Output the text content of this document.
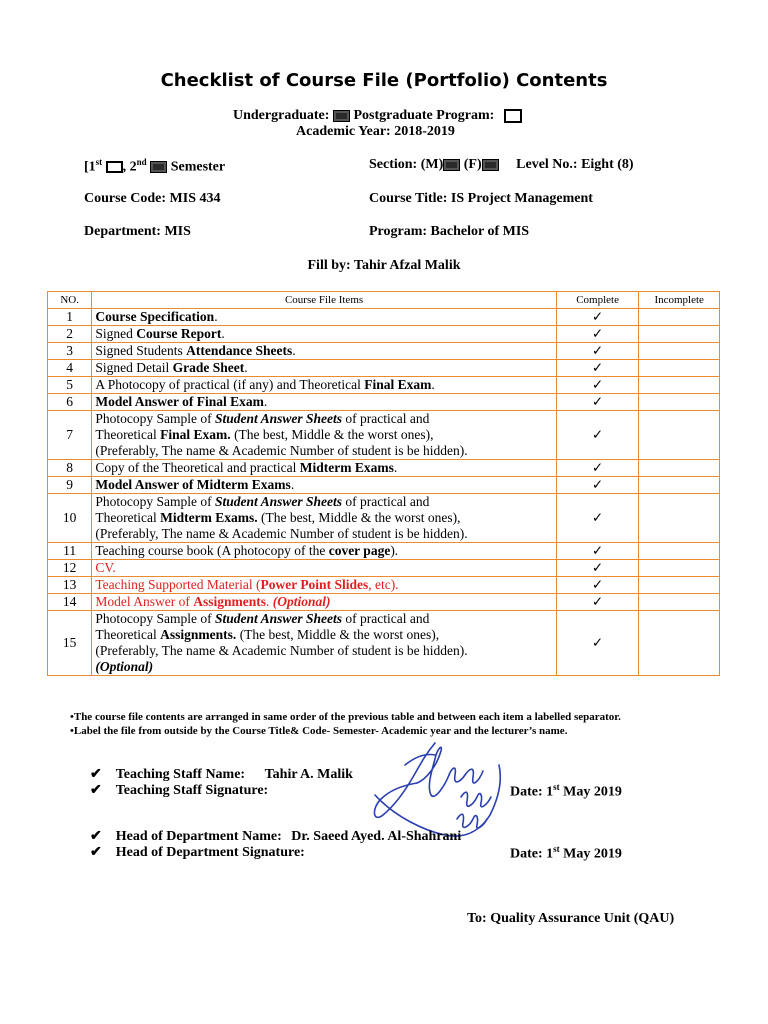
Checklist of Course File (Portfolio) Contents
Undergraduate: Postgraduate Program:
Academic Year: 2018-2019
[1st , 2nd Semester	Section: (M) (F) Level No.: Eight (8)
Course Code: MIS 434	Course Title: IS Project Management
Department: MIS	Program: Bachelor of MIS
Fill by: Tahir Afzal Malik
NO.	Course File Items	Complete	Incomplete
1	Course Specification.	✓	
2	Signed Course Report.	✓	
3	Signed Students Attendance Sheets.	✓	
4	Signed Detail Grade Sheet.	✓	
5	A Photocopy of practical (if any) and Theoretical Final Exam.	✓	
6	Model Answer of Final Exam.	✓	
7	Photocopy Sample of Student Answer Sheets of practical and
Theoretical Final Exam. (The best, Middle & the worst ones),
(Preferably, The name & Academic Number of student is be hidden).	✓	
8	Copy of the Theoretical and practical Midterm Exams.	✓	
9	Model Answer of Midterm Exams.	✓	
10	Photocopy Sample of Student Answer Sheets of practical and
Theoretical Midterm Exams. (The best, Middle & the worst ones),
(Preferably, The name & Academic Number of student is be hidden).	✓	
11	Teaching course book (A photocopy of the cover page).	✓	
12	CV.	✓	
13	Teaching Supported Material (Power Point Slides, etc).	✓	
14	Model Answer of Assignments. (Optional)	✓	
15	Photocopy Sample of Student Answer Sheets of practical and
Theoretical Assignments. (The best, Middle & the worst ones),
(Preferably, The name & Academic Number of student is be hidden).
(Optional)	✓	
•The course file contents are arranged in same order of the previous table and between each item a labelled separator.
•Label the file from outside by the Course Title& Code- Semester- Academic year and the lecturer’s name.
✔ Teaching Staff Name: Tahir A. Malik
✔ Teaching Staff Signature:	Date: 1st May 2019
✔ Head of Department Name: Dr. Saeed Ayed. Al-Shahrani
✔ Head of Department Signature:	Date: 1st May 2019
To: Quality Assurance Unit (QAU)
